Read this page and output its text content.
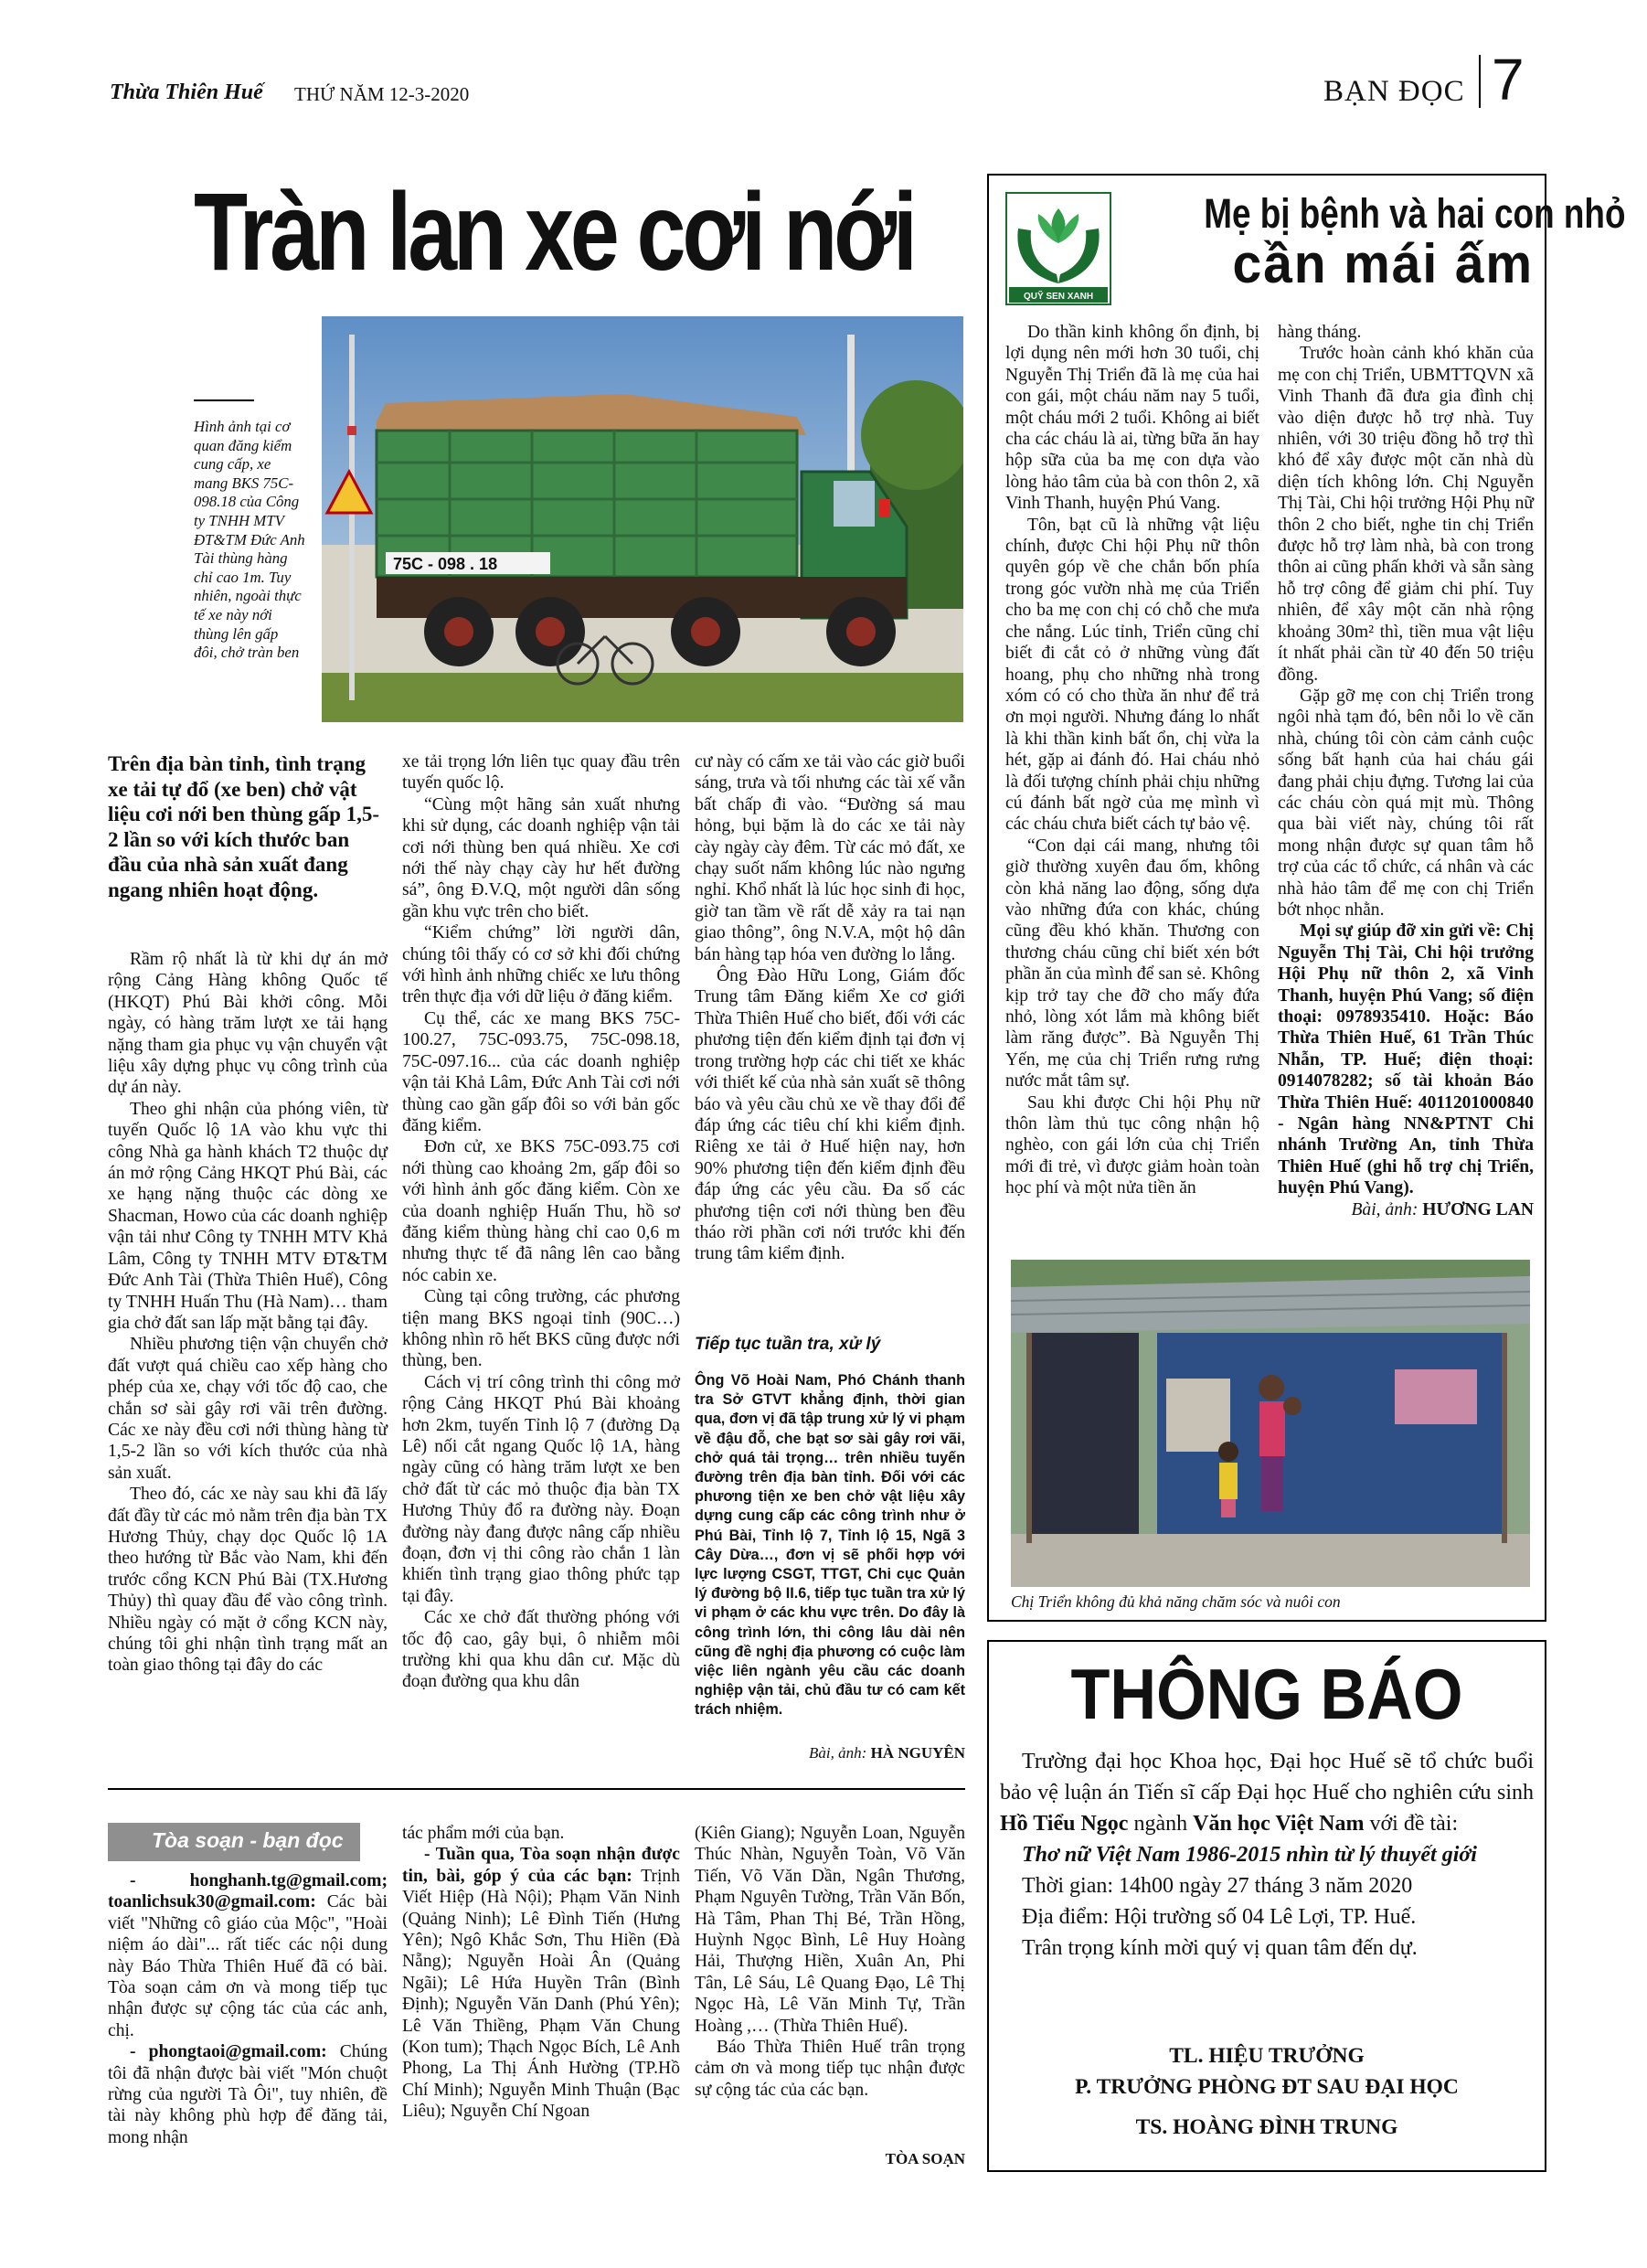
Thừa Thiên Huế THỨ NĂM 12-3-2020	BẠN ĐỌC 7
Tràn lan xe cơi nới
Hình ảnh tại cơ quan đăng kiểm cung cấp, xe mang BKS 75C-098.18 của Công ty TNHH MTV ĐT&TM Đức Anh Tài thùng hàng chỉ cao 1m. Tuy nhiên, ngoài thực tế xe này nới thùng lên gấp đôi, chở tràn ben
75C - 098 . 18
Trên địa bàn tỉnh, tình trạng xe tải tự đổ (xe ben) chở vật liệu cơi nới ben thùng gấp 1,5-2 lần so với kích thước ban đầu của nhà sản xuất đang ngang nhiên hoạt động.

Rầm rộ nhất là từ khi dự án mở rộng Cảng Hàng không Quốc tế (HKQT) Phú Bài khởi công. Mỗi ngày, có hàng trăm lượt xe tải hạng nặng tham gia phục vụ vận chuyển vật liệu xây dựng phục vụ công trình của dự án này.

Theo ghi nhận của phóng viên, từ tuyến Quốc lộ 1A vào khu vực thi công Nhà ga hành khách T2 thuộc dự án mở rộng Cảng HKQT Phú Bài, các xe hạng nặng thuộc các dòng xe Shacman, Howo của các doanh nghiệp vận tải như Công ty TNHH MTV Khả Lâm, Công ty TNHH MTV ĐT&TM Đức Anh Tài (Thừa Thiên Huế), Công ty TNHH Huấn Thu (Hà Nam)… tham gia chở đất san lấp mặt bằng tại đây.

Nhiều phương tiện vận chuyển chở đất vượt quá chiều cao xếp hàng cho phép của xe, chạy với tốc độ cao, che chắn sơ sài gây rơi vãi trên đường. Các xe này đều cơi nới thùng hàng từ 1,5-2 lần so với kích thước của nhà sản xuất.

Theo đó, các xe này sau khi đã lấy đất đầy từ các mỏ nằm trên địa bàn TX Hương Thủy, chạy dọc Quốc lộ 1A theo hướng từ Bắc vào Nam, khi đến trước cổng KCN Phú Bài (TX.Hương Thủy) thì quay đầu để vào công trình. Nhiều ngày có mặt ở cổng KCN này, chúng tôi ghi nhận tình trạng mất an toàn giao thông tại đây do các

xe tải trọng lớn liên tục quay đầu trên tuyến quốc lộ.

“Cùng một hãng sản xuất nhưng khi sử dụng, các doanh nghiệp vận tải cơi nới thùng ben quá nhiều. Xe cơi nới thế này chạy cày hư hết đường sá”, ông Đ.V.Q, một người dân sống gần khu vực trên cho biết.

“Kiểm chứng” lời người dân, chúng tôi thấy có cơ sở khi đối chứng với hình ảnh những chiếc xe lưu thông trên thực địa với dữ liệu ở đăng kiểm.

Cụ thể, các xe mang BKS 75C-100.27, 75C-093.75, 75C-098.18, 75C-097.16... của các doanh nghiệp vận tải Khả Lâm, Đức Anh Tài cơi nới thùng cao gần gấp đôi so với bản gốc đăng kiểm.

Đơn cử, xe BKS 75C-093.75 cơi nới thùng cao khoảng 2m, gấp đôi so với hình ảnh gốc đăng kiểm. Còn xe của doanh nghiệp Huấn Thu, hồ sơ đăng kiểm thùng hàng chỉ cao 0,6 m nhưng thực tế đã nâng lên cao bằng nóc cabin xe.

Cùng tại công trường, các phương tiện mang BKS ngoại tỉnh (90C…) không nhìn rõ hết BKS cũng được nới thùng, ben.

Cách vị trí công trình thi công mở rộng Cảng HKQT Phú Bài khoảng hơn 2km, tuyến Tỉnh lộ 7 (đường Dạ Lê) nối cắt ngang Quốc lộ 1A, hàng ngày cũng có hàng trăm lượt xe ben chở đất từ các mỏ thuộc địa bàn TX Hương Thủy đổ ra đường này. Đoạn đường này đang được nâng cấp nhiều đoạn, đơn vị thi công rào chắn 1 làn khiến tình trạng giao thông phức tạp tại đây.

Các xe chở đất thường phóng với tốc độ cao, gây bụi, ô nhiễm môi trường khi qua khu dân cư. Mặc dù đoạn đường qua khu dân

cư này có cấm xe tải vào các giờ buổi sáng, trưa và tối nhưng các tài xế vẫn bất chấp đi vào. “Đường sá mau hỏng, bụi bặm là do các xe tải này cày ngày cày đêm. Từ các mỏ đất, xe chạy suốt nấm không lúc nào ngưng nghỉ. Khổ nhất là lúc học sinh đi học, giờ tan tầm về rất dễ xảy ra tai nạn giao thông”, ông N.V.A, một hộ dân bán hàng tạp hóa ven đường lo lắng.

Ông Đào Hữu Long, Giám đốc Trung tâm Đăng kiểm Xe cơ giới Thừa Thiên Huế cho biết, đối với các phương tiện đến kiểm định tại đơn vị trong trường hợp các chi tiết xe khác với thiết kế của nhà sản xuất sẽ thông báo và yêu cầu chủ xe về thay đổi để đáp ứng các tiêu chí khi kiểm định. Riêng xe tải ở Huế hiện nay, hơn 90% phương tiện đến kiểm định đều đáp ứng các yêu cầu. Đa số các phương tiện cơi nới thùng ben đều tháo rời phần cơi nới trước khi đến trung tâm kiểm định.

Tiếp tục tuần tra, xử lý
Ông Võ Hoài Nam, Phó Chánh thanh tra Sở GTVT khẳng định, thời gian qua, đơn vị đã tập trung xử lý vi phạm về đậu đỗ, che bạt sơ sài gây rơi vãi, chở quá tải trọng… trên nhiều tuyến đường trên địa bàn tỉnh. Đối với các phương tiện xe ben chở vật liệu xây dựng cung cấp các công trình như ở Phú Bài, Tỉnh lộ 7, Tỉnh lộ 15, Ngã 3 Cây Dừa…, đơn vị sẽ phối hợp với lực lượng CSGT, TTGT, Chi cục Quản lý đường bộ II.6, tiếp tục tuần tra xử lý vi phạm ở các khu vực trên. Do đây là công trình lớn, thi công lâu dài nên cũng đề nghị địa phương có cuộc làm việc liên ngành yêu cầu các doanh nghiệp vận tải, chủ đầu tư có cam kết trách nhiệm.
Bài, ảnh: HÀ NGUYÊN
QUỸ SEN XANH
Mẹ bị bệnh và hai con nhỏ
cần mái ấm

Do thần kinh không ổn định, bị lợi dụng nên mới hơn 30 tuổi, chị Nguyễn Thị Triển đã là mẹ của hai con gái, một cháu năm nay 5 tuổi, một cháu mới 2 tuổi. Không ai biết cha các cháu là ai, từng bữa ăn hay hộp sữa của ba mẹ con dựa vào lòng hảo tâm của bà con thôn 2, xã Vinh Thanh, huyện Phú Vang.

Tôn, bạt cũ là những vật liệu chính, được Chi hội Phụ nữ thôn quyên góp về che chắn bốn phía trong góc vườn nhà mẹ của Triển cho ba mẹ con chị có chỗ che mưa che nắng. Lúc tỉnh, Triển cũng chỉ biết đi cắt cỏ ở những vùng đất hoang, phụ cho những nhà trong xóm có có cho thừa ăn như để trả ơn mọi người. Nhưng đáng lo nhất là khi thần kinh bất ổn, chị vừa la hét, gặp ai đánh đó. Hai cháu nhỏ là đối tượng chính phải chịu những cú đánh bất ngờ của mẹ mình vì các cháu chưa biết cách tự bảo vệ.

“Con dại cái mang, nhưng tôi giờ thường xuyên đau ốm, không còn khả năng lao động, sống dựa vào những đứa con khác, chúng cũng đều khó khăn. Thương con thương cháu cũng chỉ biết xén bớt phần ăn của mình để san sẻ. Không kịp trở tay che đỡ cho mấy đứa nhỏ, lòng xót lắm mà không biết làm răng được”. Bà Nguyễn Thị Yến, mẹ của chị Triển rưng rưng nước mắt tâm sự.

Sau khi được Chi hội Phụ nữ thôn làm thủ tục công nhận hộ nghèo, con gái lớn của chị Triển mới đi trẻ, vì được giảm hoàn toàn học phí và một nửa tiền ăn

hàng tháng.

Trước hoàn cảnh khó khăn của mẹ con chị Triển, UBMTTQVN xã Vinh Thanh đã đưa gia đình chị vào diện được hỗ trợ nhà. Tuy nhiên, với 30 triệu đồng hỗ trợ thì khó để xây được một căn nhà dù diện tích không lớn. Chị Nguyễn Thị Tài, Chi hội trưởng Hội Phụ nữ thôn 2 cho biết, nghe tin chị Triển được hỗ trợ làm nhà, bà con trong thôn ai cũng phấn khởi và sẵn sàng hỗ trợ công để giảm chi phí. Tuy nhiên, để xây một căn nhà rộng khoảng 30m² thì, tiền mua vật liệu ít nhất phải cần từ 40 đến 50 triệu đồng.

Gặp gỡ mẹ con chị Triển trong ngôi nhà tạm đó, bên nỗi lo về căn nhà, chúng tôi còn cảm cảnh cuộc sống bất hạnh của hai cháu gái đang phải chịu đựng. Tương lai của các cháu còn quá mịt mù. Thông qua bài viết này, chúng tôi rất mong nhận được sự quan tâm hỗ trợ của các tổ chức, cá nhân và các nhà hảo tâm để mẹ con chị Triển bớt nhọc nhằn.

Mọi sự giúp đỡ xin gửi về: Chị Nguyễn Thị Tài, Chi hội trưởng Hội Phụ nữ thôn 2, xã Vinh Thanh, huyện Phú Vang; số điện thoại: 0978935410. Hoặc: Báo Thừa Thiên Huế, 61 Trần Thúc Nhẫn, TP. Huế; điện thoại: 0914078282; số tài khoản Báo Thừa Thiên Huế: 4011201000840 - Ngân hàng NN&PTNT Chi nhánh Trường An, tỉnh Thừa Thiên Huế (ghi hỗ trợ chị Triển, huyện Phú Vang).

Bài, ảnh: HƯƠNG LAN

Chị Triển không đủ khả năng chăm sóc và nuôi con
THÔNG BÁO

Trường đại học Khoa học, Đại học Huế sẽ tổ chức buổi bảo vệ luận án Tiến sĩ cấp Đại học Huế cho nghiên cứu sinh Hồ Tiểu Ngọc ngành Văn học Việt Nam với đề tài:

Thơ nữ Việt Nam 1986-2015 nhìn từ lý thuyết giới

Thời gian: 14h00 ngày 27 tháng 3 năm 2020

Địa điểm: Hội trường số 04 Lê Lợi, TP. Huế.

Trân trọng kính mời quý vị quan tâm đến dự.

TL. HIỆU TRƯỞNG
P. TRƯỞNG PHÒNG ĐT SAU ĐẠI HỌC
TS. HOÀNG ĐÌNH TRUNG
Tòa soạn - bạn đọc

- honghanh.tg@gmail.com; toanlichsuk30@gmail.com: Các bài viết "Những cô giáo của Mộc", "Hoài niệm áo dài"... rất tiếc các nội dung này Báo Thừa Thiên Huế đã có bài. Tòa soạn cảm ơn và mong tiếp tục nhận được sự cộng tác của các anh, chị.

- phongtaoi@gmail.com: Chúng tôi đã nhận được bài viết "Món chuột rừng của người Tà Ôi", tuy nhiên, đề tài này không phù hợp để đăng tải, mong nhận

tác phẩm mới của bạn.

- Tuần qua, Tòa soạn nhận được tin, bài, góp ý của các bạn: Trịnh Viết Hiệp (Hà Nội); Phạm Văn Ninh (Quảng Ninh); Lê Đình Tiến (Hưng Yên); Ngô Khắc Sơn, Thu Hiền (Đà Nẵng); Nguyễn Hoài Ân (Quảng Ngãi); Lê Hứa Huyền Trân (Bình Định); Nguyễn Văn Danh (Phú Yên); Lê Văn Thiềng, Phạm Văn Chung (Kon tum); Thạch Ngọc Bích, Lê Anh Phong, La Thị Ánh Hường (TP.Hồ Chí Minh); Nguyễn Minh Thuận (Bạc Liêu); Nguyễn Chí Ngoan

(Kiên Giang); Nguyễn Loan, Nguyễn Thúc Nhàn, Nguyễn Toàn, Võ Văn Tiến, Võ Văn Dần, Ngân Thương, Phạm Nguyên Tường, Trần Văn Bốn, Hà Tâm, Phan Thị Bé, Trần Hồng, Huỳnh Ngọc Bình, Lê Huy Hoàng Hải, Thượng Hiền, Xuân An, Phi Tân, Lê Sáu, Lê Quang Đạo, Lê Thị Ngọc Hà, Lê Văn Minh Tự, Trần Hoàng ,… (Thừa Thiên Huế).

Báo Thừa Thiên Huế trân trọng cảm ơn và mong tiếp tục nhận được sự cộng tác của các bạn.

TÒA SOẠN
